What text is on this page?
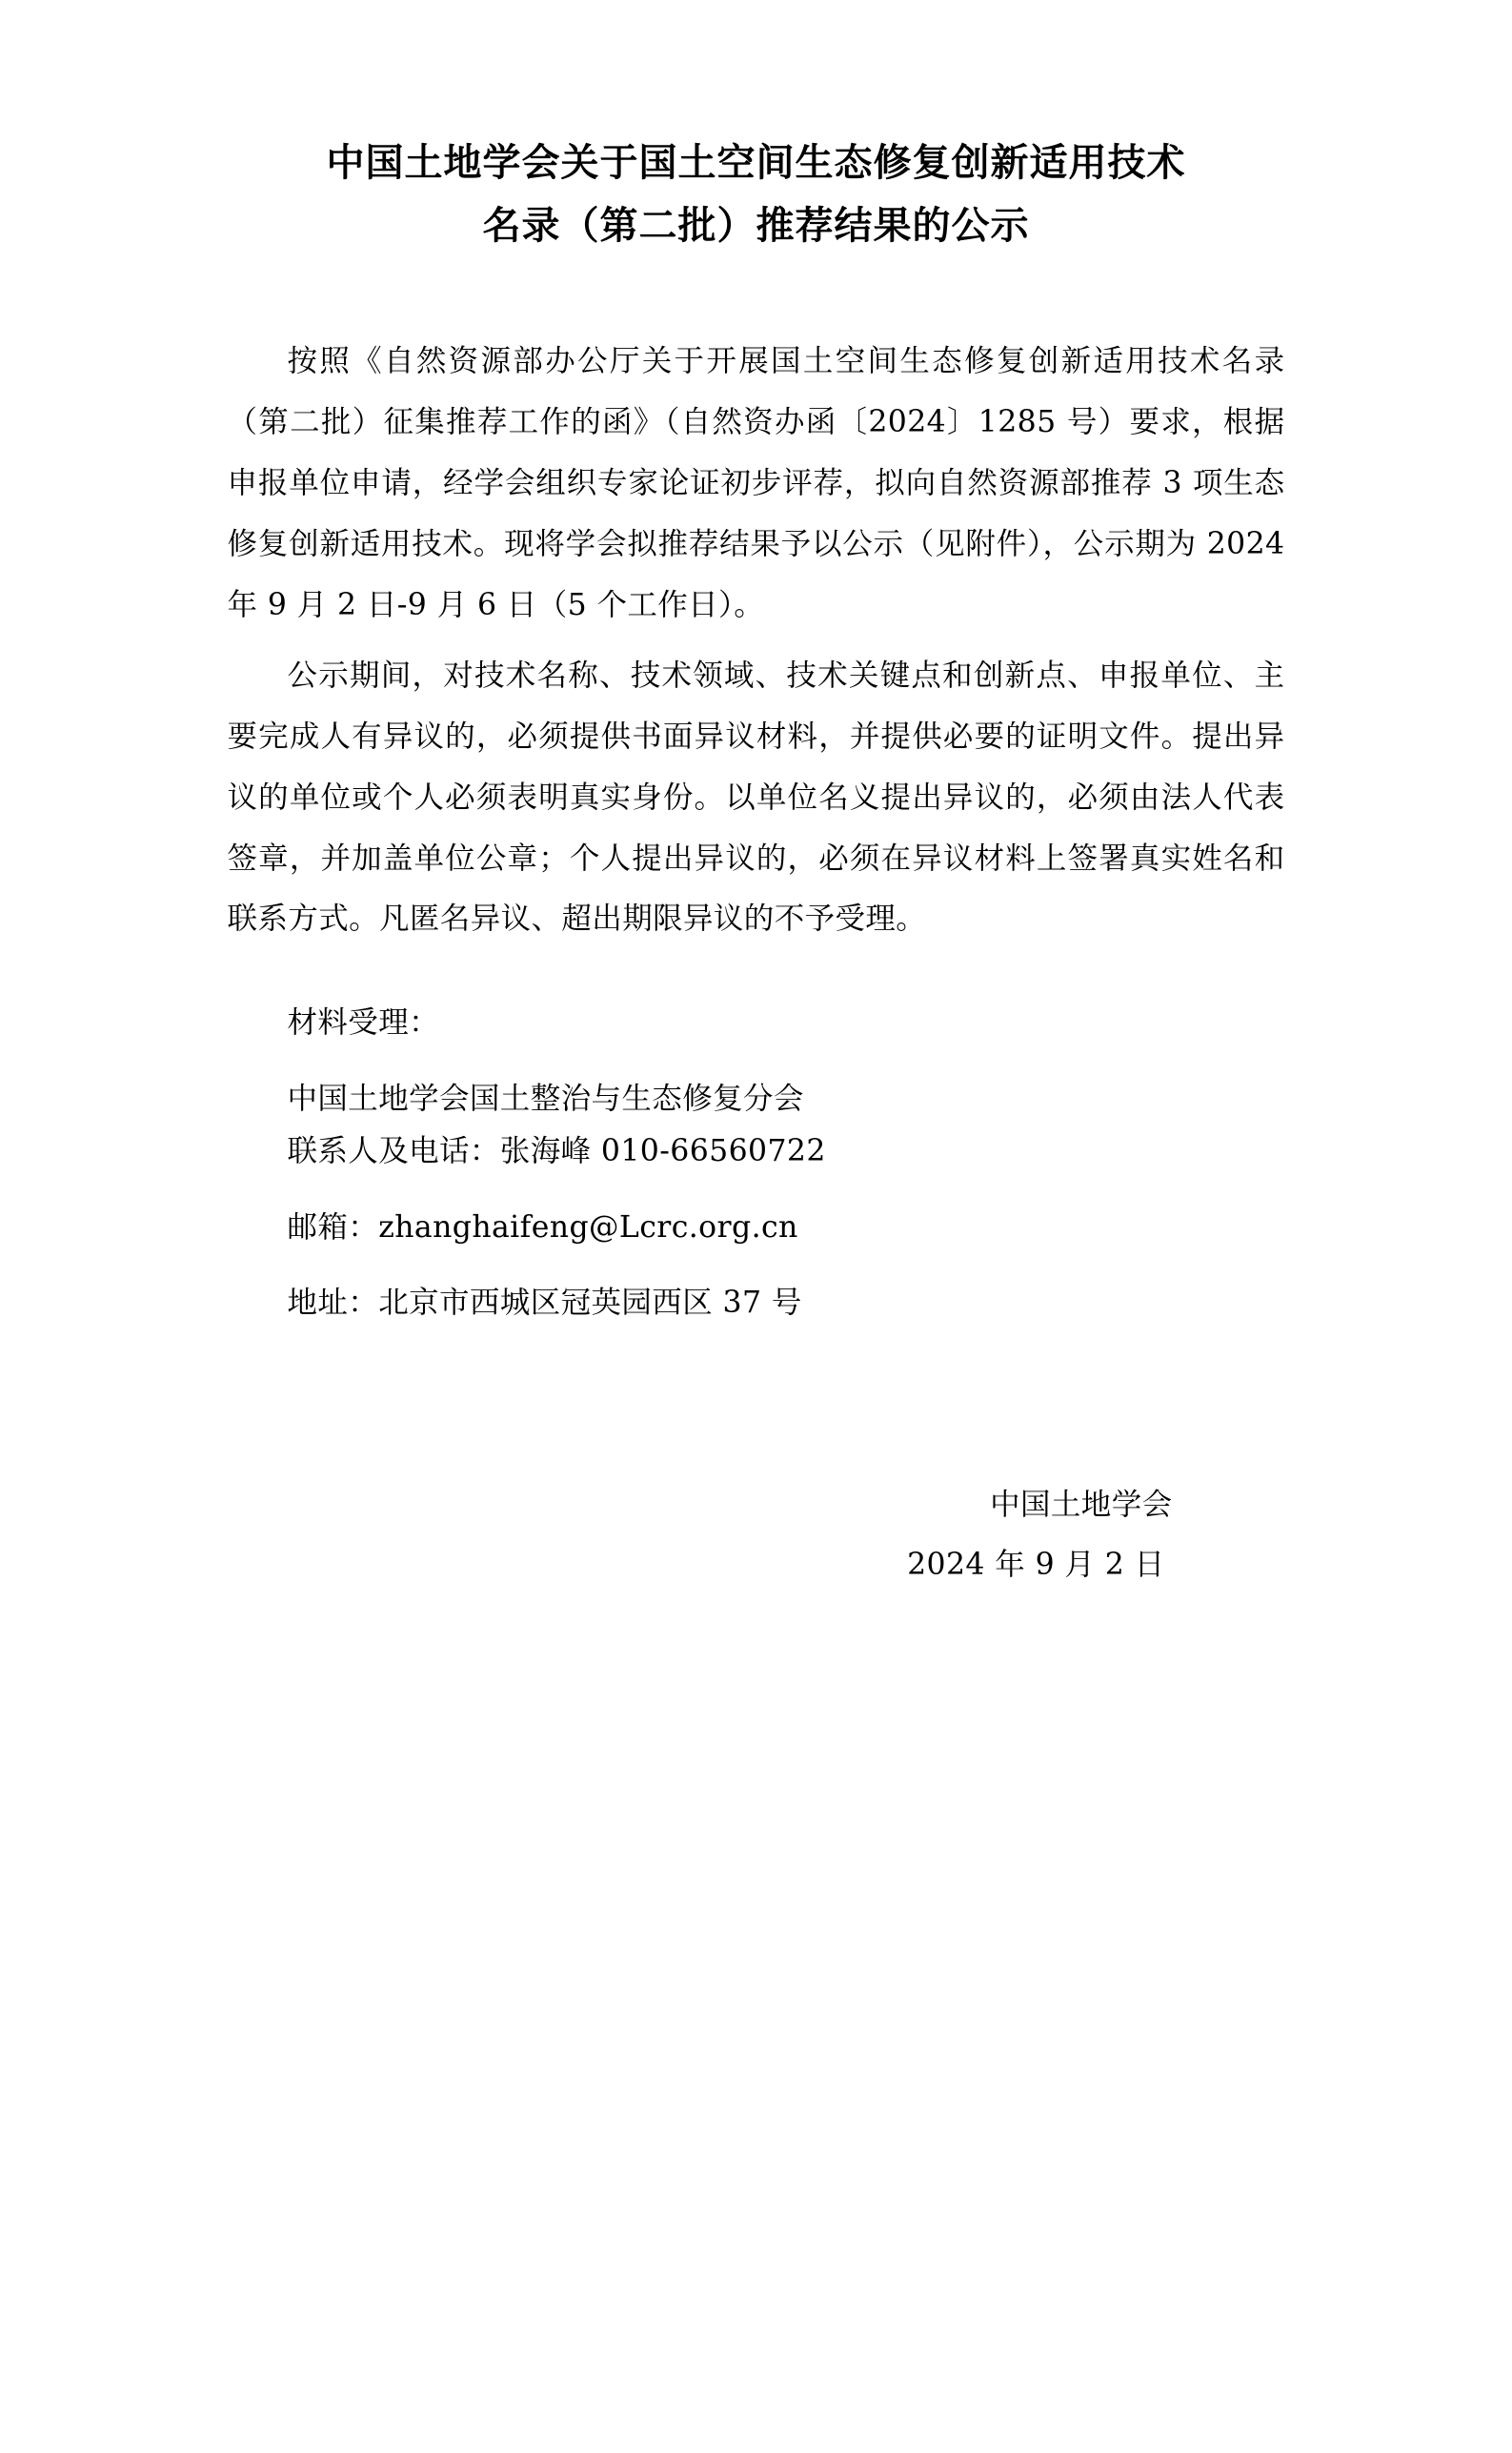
中国土地学会关于国土空间生态修复创新适用技术
名录（第二批）推荐结果的公示

按照《自然资源部办公厅关于开展国土空间生态修复创新适用技术名录（第二批）征集推荐工作的函》（自然资办函〔2024〕1285 号）要求，根据申报单位申请，经学会组织专家论证初步评荐，拟向自然资源部推荐 3 项生态修复创新适用技术。现将学会拟推荐结果予以公示（见附件），公示期为 2024 年 9 月 2 日-9 月 6 日（5 个工作日）。

公示期间，对技术名称、技术领域、技术关键点和创新点、申报单位、主要完成人有异议的，必须提供书面异议材料，并提供必要的证明文件。提出异议的单位或个人必须表明真实身份。以单位名义提出异议的，必须由法人代表签章，并加盖单位公章；个人提出异议的，必须在异议材料上签署真实姓名和联系方式。凡匿名异议、超出期限异议的不予受理。

材料受理：
中国土地学会国土整治与生态修复分会
联系人及电话：张海峰 010-66560722
邮箱：zhanghaifeng@Lcrc.org.cn
地址：北京市西城区冠英园西区 37 号
中国土地学会
2024 年 9 月 2 日
